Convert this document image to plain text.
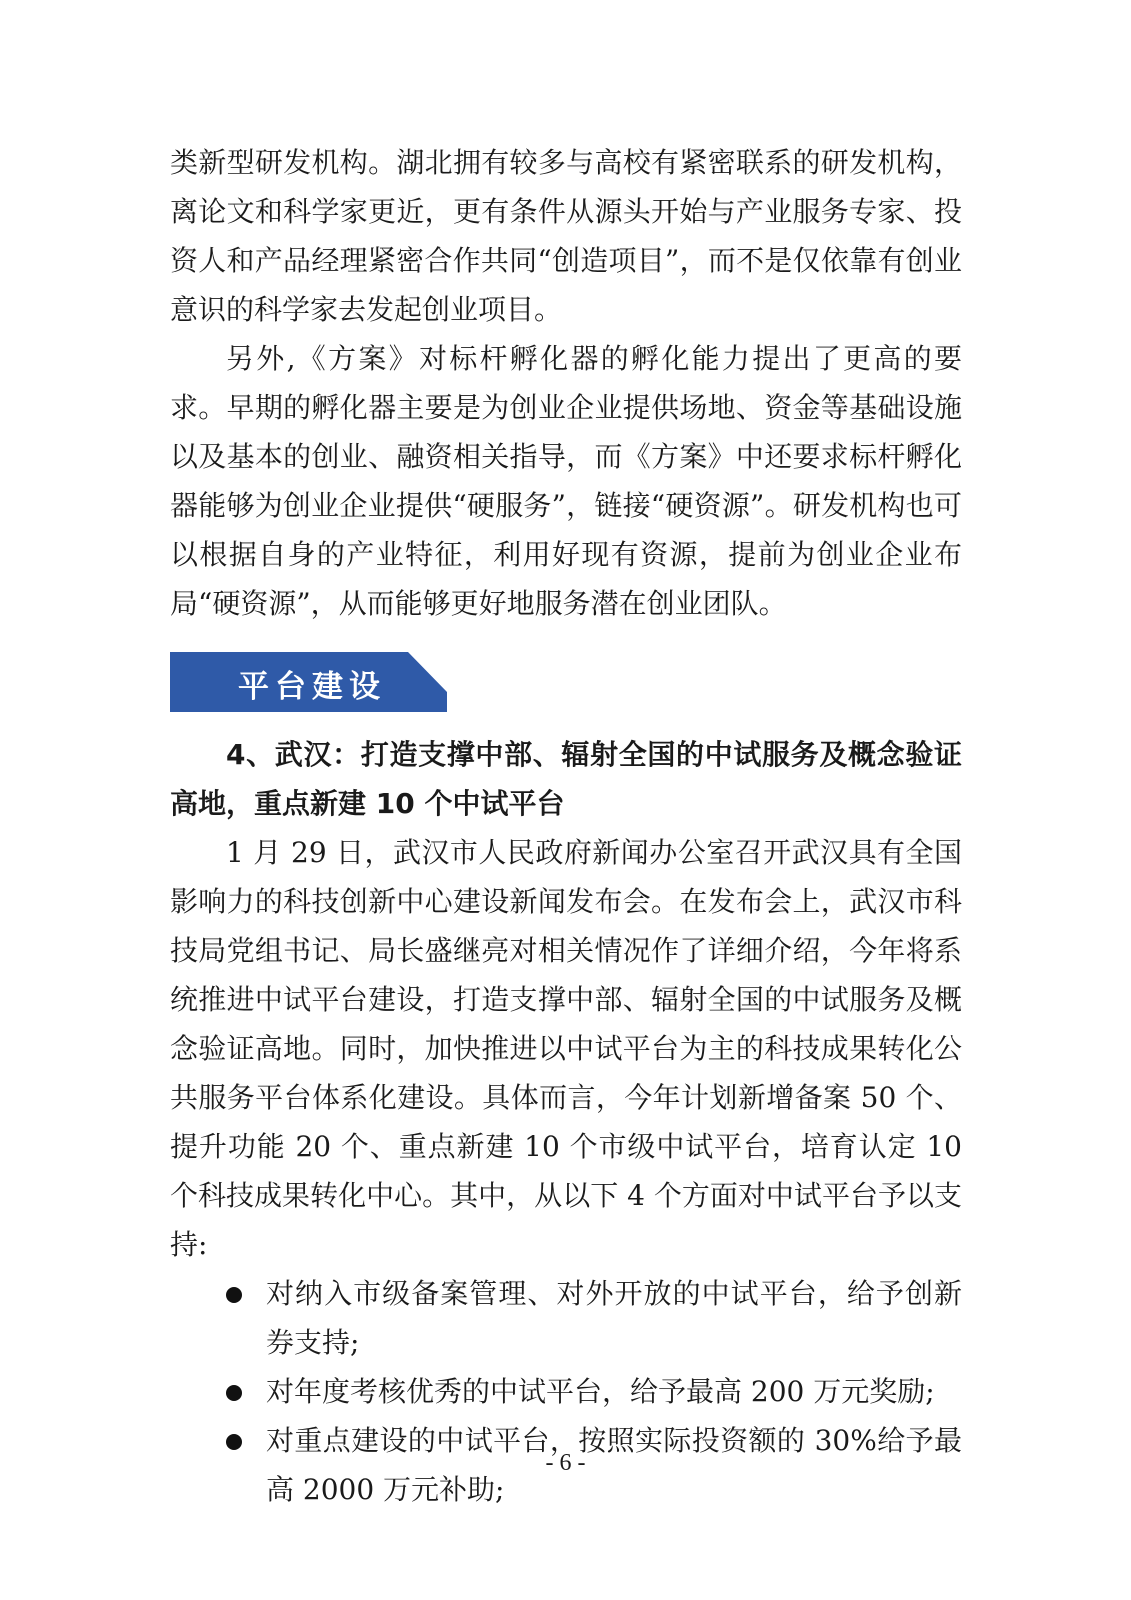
类新型研发机构。湖北拥有较多与高校有紧密联系的研发机构，离论文和科学家更近，更有条件从源头开始与产业服务专家、投资人和产品经理紧密合作共同“创造项目”，而不是仅依靠有创业意识的科学家去发起创业项目。

另外,《方案》对标杆孵化器的孵化能力提出了更高的要求。早期的孵化器主要是为创业企业提供场地、资金等基础设施以及基本的创业、融资相关指导，而《方案》中还要求标杆孵化器能够为创业企业提供“硬服务”，链接“硬资源”。研发机构也可以根据自身的产业特征，利用好现有资源，提前为创业企业布局“硬资源”，从而能够更好地服务潜在创业团队。

平台建设

4、武汉：打造支撑中部、辐射全国的中试服务及概念验证高地，重点新建 10 个中试平台

1 月 29 日，武汉市人民政府新闻办公室召开武汉具有全国影响力的科技创新中心建设新闻发布会。在发布会上，武汉市科技局党组书记、局长盛继亮对相关情况作了详细介绍，今年将系统推进中试平台建设，打造支撑中部、辐射全国的中试服务及概念验证高地。同时，加快推进以中试平台为主的科技成果转化公共服务平台体系化建设。具体而言，今年计划新增备案 50 个、提升功能 20 个、重点新建 10 个市级中试平台，培育认定 10 个科技成果转化中心。其中，从以下 4 个方面对中试平台予以支持:

对纳入市级备案管理、对外开放的中试平台，给予创新券支持;
对年度考核优秀的中试平台，给予最高 200 万元奖励;
对重点建设的中试平台，按照实际投资额的 30%给予最高 2000 万元补助;
- 6 -
